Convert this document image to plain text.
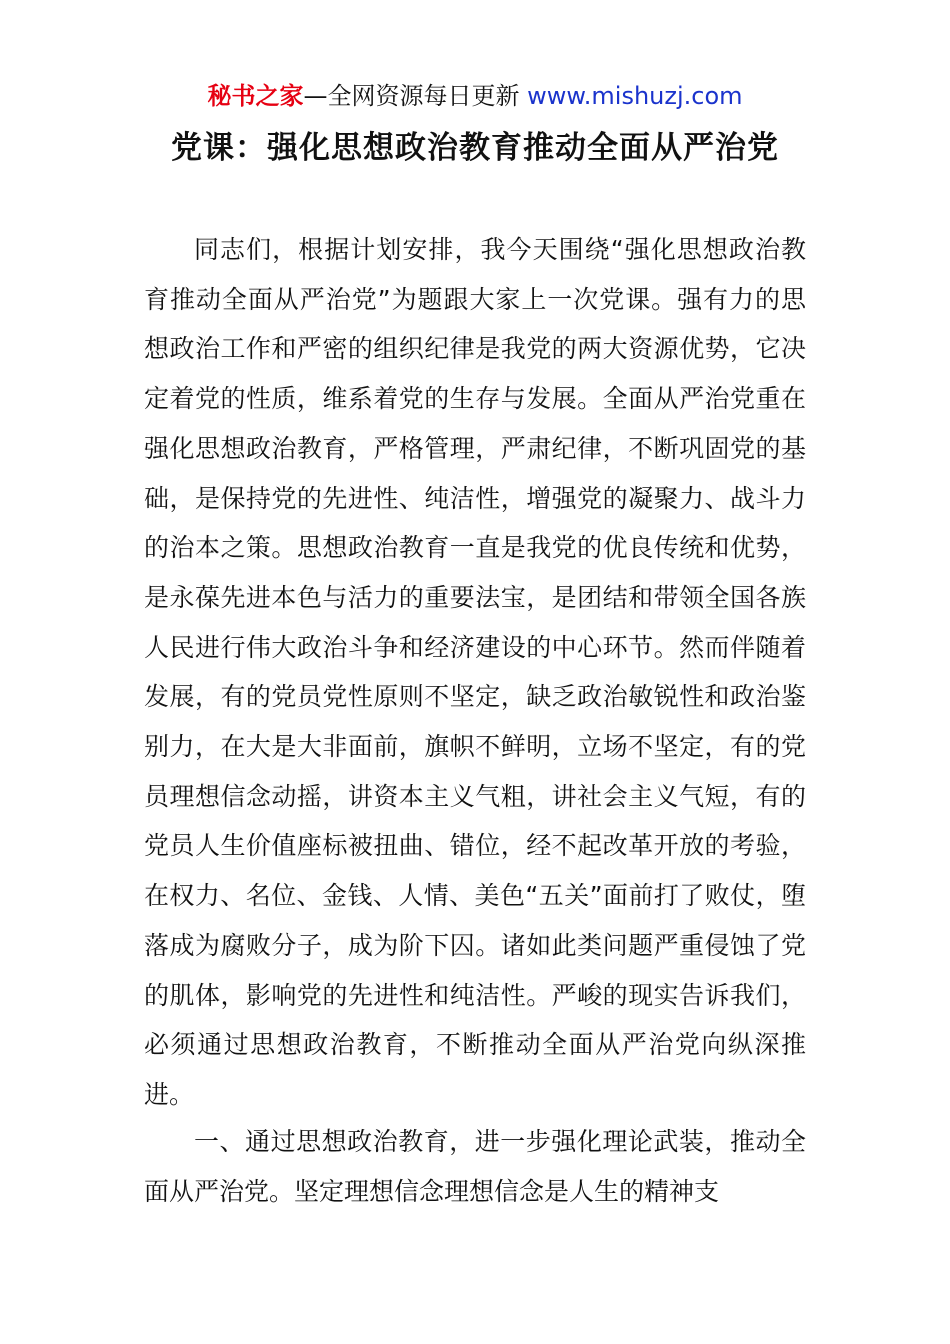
秘书之家—全网资源每日更新 www.mishuzj.com
党课：强化思想政治教育推动全面从严治党

同志们，根据计划安排，我今天围绕“强化思想政治教育推动全面从严治党”为题跟大家上一次党课。强有力的思想政治工作和严密的组织纪律是我党的两大资源优势，它决定着党的性质，维系着党的生存与发展。全面从严治党重在强化思想政治教育，严格管理，严肃纪律，不断巩固党的基础，是保持党的先进性、纯洁性，增强党的凝聚力、战斗力的治本之策。思想政治教育一直是我党的优良传统和优势，是永葆先进本色与活力的重要法宝，是团结和带领全国各族人民进行伟大政治斗争和经济建设的中心环节。然而伴随着发展，有的党员党性原则不坚定，缺乏政治敏锐性和政治鉴别力，在大是大非面前，旗帜不鲜明，立场不坚定，有的党员理想信念动摇，讲资本主义气粗，讲社会主义气短，有的党员人生价值座标被扭曲、错位，经不起改革开放的考验，在权力、名位、金钱、人情、美色“五关”面前打了败仗，堕落成为腐败分子，成为阶下囚。诸如此类问题严重侵蚀了党的肌体，影响党的先进性和纯洁性。严峻的现实告诉我们，必须通过思想政治教育，不断推动全面从严治党向纵深推进。

一、通过思想政治教育，进一步强化理论武装，推动全面从严治党。坚定理想信念理想信念是人生的精神支
